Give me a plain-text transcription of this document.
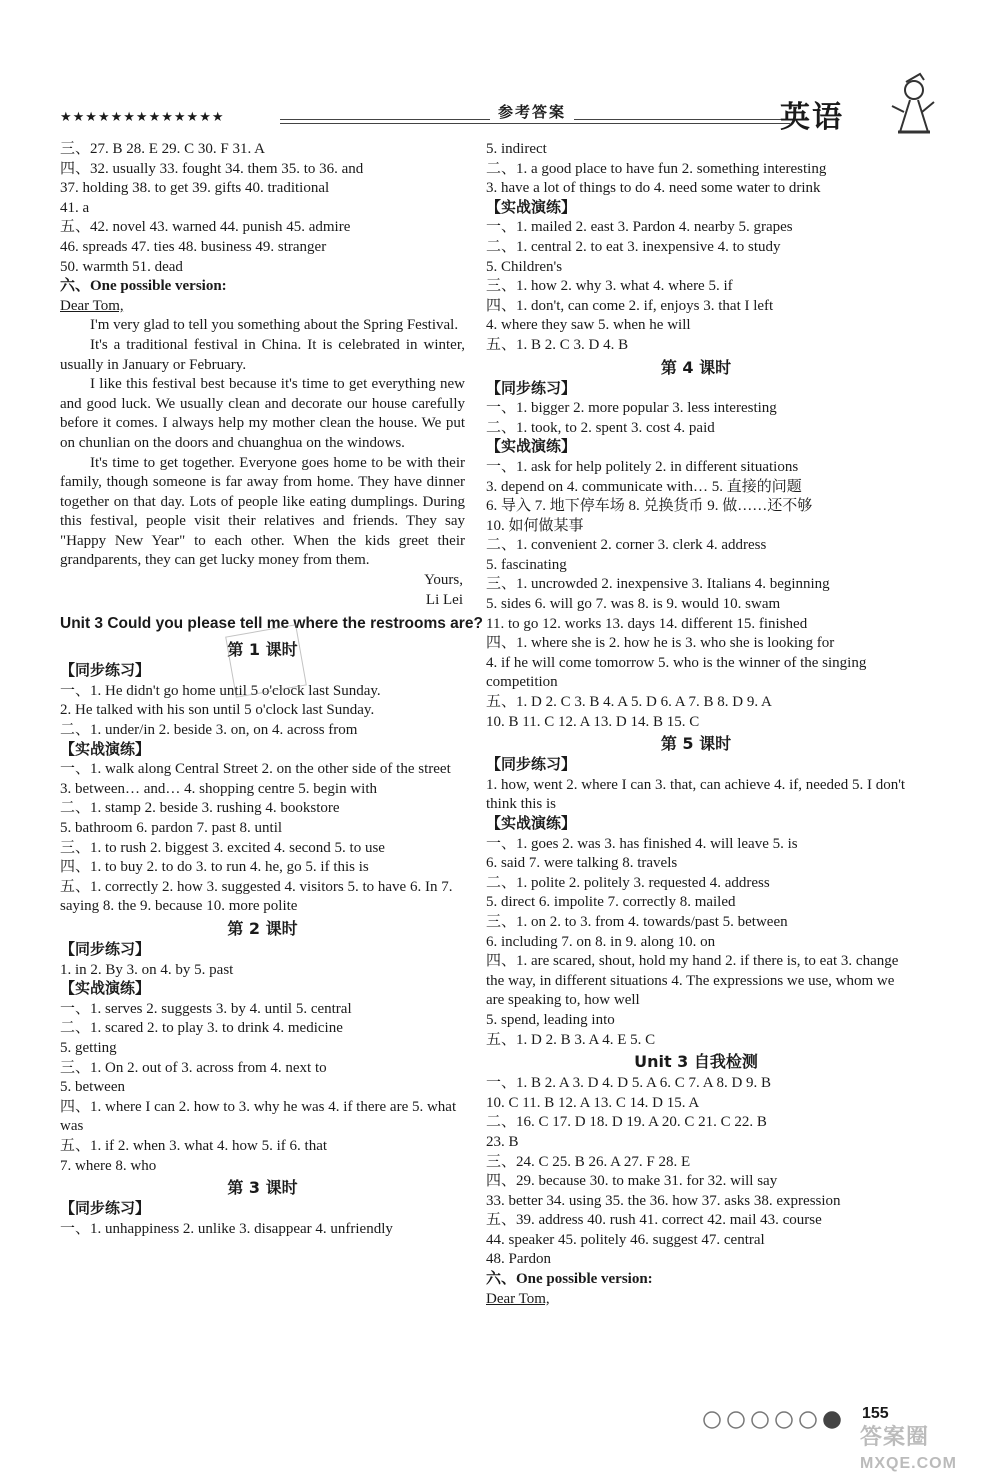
★★★★★★★★★★★★★	参考答案	英语
三、27. B 28. E 29. C 30. F 31. A
四、32. usually 33. fought 34. them 35. to 36. and
37. holding 38. to get 39. gifts 40. traditional
41. a
五、42. novel 43. warned 44. punish 45. admire
46. spreads 47. ties 48. business 49. stranger
50. warmth 51. dead
六、One possible version:
Dear Tom,
I'm very glad to tell you something about the Spring Festival.
It's a traditional festival in China. It is celebrated in winter, usually in January or February.
I like this festival best because it's time to get everything new and good luck. We usually clean and decorate our house carefully before it comes. I always help my mother clean the house. We put on chunlian on the doors and chuanghua on the windows.
It's time to get together. Everyone goes home to be with their family, though someone is far away from home. They have dinner together on that day. Lots of people like eating dumplings. During this festival, people visit their relatives and friends. They say "Happy New Year" to each other. When the kids greet their grandparents, they can get lucky money from them.
Yours,
Li Lei
Unit 3 Could you please tell me where the restrooms are?
第 1 课时
【同步练习】
一、1. He didn't go home until 5 o'clock last Sunday.
2. He talked with his son until 5 o'clock last Sunday.
二、1. under/in 2. beside 3. on, on 4. across from
【实战演练】
一、1. walk along Central Street 2. on the other side of the street 3. between… and… 4. shopping centre 5. begin with
二、1. stamp 2. beside 3. rushing 4. bookstore
5. bathroom 6. pardon 7. past 8. until
三、1. to rush 2. biggest 3. excited 4. second 5. to use
四、1. to buy 2. to do 3. to run 4. he, go 5. if this is
五、1. correctly 2. how 3. suggested 4. visitors 5. to have 6. In 7. saying 8. the 9. because 10. more polite
第 2 课时
【同步练习】
1. in 2. By 3. on 4. by 5. past
【实战演练】
一、1. serves 2. suggests 3. by 4. until 5. central
二、1. scared 2. to play 3. to drink 4. medicine
5. getting
三、1. On 2. out of 3. across from 4. next to
5. between
四、1. where I can 2. how to 3. why he was 4. if there are 5. what was
五、1. if 2. when 3. what 4. how 5. if 6. that
7. where 8. who
第 3 课时
【同步练习】
一、1. unhappiness 2. unlike 3. disappear 4. unfriendly
5. indirect
二、1. a good place to have fun 2. something interesting
3. have a lot of things to do 4. need some water to drink
【实战演练】
一、1. mailed 2. east 3. Pardon 4. nearby 5. grapes
二、1. central 2. to eat 3. inexpensive 4. to study
5. Children's
三、1. how 2. why 3. what 4. where 5. if
四、1. don't, can come 2. if, enjoys 3. that I left
4. where they saw 5. when he will
五、1. B 2. C 3. D 4. B
第 4 课时
【同步练习】
一、1. bigger 2. more popular 3. less interesting
二、1. took, to 2. spent 3. cost 4. paid
【实战演练】
一、1. ask for help politely 2. in different situations
3. depend on 4. communicate with… 5. 直接的问题
6. 导入 7. 地下停车场 8. 兑换货币 9. 做……还不够
10. 如何做某事
二、1. convenient 2. corner 3. clerk 4. address
5. fascinating
三、1. uncrowded 2. inexpensive 3. Italians 4. beginning
5. sides 6. will go 7. was 8. is 9. would 10. swam
11. to go 12. works 13. days 14. different 15. finished
四、1. where she is 2. how he is 3. who she is looking for
4. if he will come tomorrow 5. who is the winner of the singing competition
五、1. D 2. C 3. B 4. A 5. D 6. A 7. B 8. D 9. A
10. B 11. C 12. A 13. D 14. B 15. C
第 5 课时
【同步练习】
1. how, went 2. where I can 3. that, can achieve 4. if, needed 5. I don't think this is
【实战演练】
一、1. goes 2. was 3. has finished 4. will leave 5. is
6. said 7. were talking 8. travels
二、1. polite 2. politely 3. requested 4. address
5. direct 6. impolite 7. correctly 8. mailed
三、1. on 2. to 3. from 4. towards/past 5. between
6. including 7. on 8. in 9. along 10. on
四、1. are scared, shout, hold my hand 2. if there is, to eat 3. change the way, in different situations 4. The expressions we use, whom we are speaking to, how well
5. spend, leading into
五、1. D 2. B 3. A 4. E 5. C
Unit 3 自我检测
一、1. B 2. A 3. D 4. D 5. A 6. C 7. A 8. D 9. B
10. C 11. B 12. A 13. C 14. D 15. A
二、16. C 17. D 18. D 19. A 20. C 21. C 22. B
23. B
三、24. C 25. B 26. A 27. F 28. E
四、29. because 30. to make 31. for 32. will say
33. better 34. using 35. the 36. how 37. asks 38. expression
五、39. address 40. rush 41. correct 42. mail 43. course
44. speaker 45. politely 46. suggest 47. central
48. Pardon
六、One possible version:
Dear Tom,
155
答案圈
MXQE.COM
